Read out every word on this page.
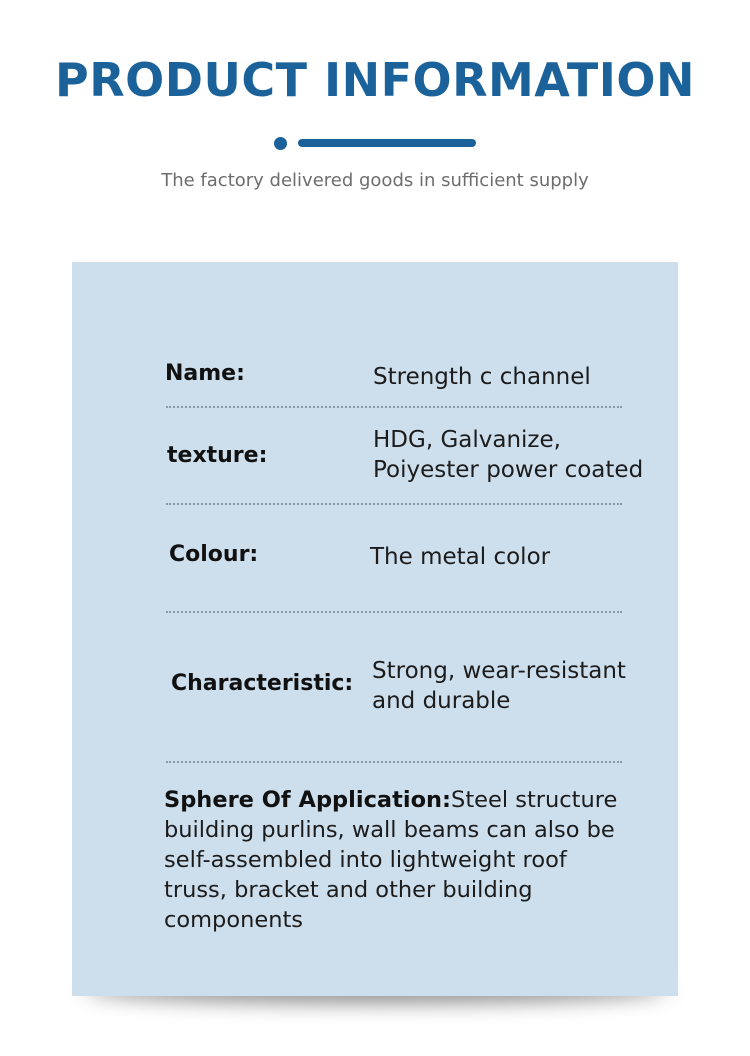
PRODUCT INFORMATION
The factory delivered goods in sufficient supply
Name:	Strength c channel
texture:
HDG, Galvanize,
Poiyester power coated
Colour:	The metal color
Characteristic: Strong, wear-resistant
and durable
Sphere Of Application:Steel structure building purlins, wall beams can also be self-assembled into lightweight roof truss, bracket and other building components
